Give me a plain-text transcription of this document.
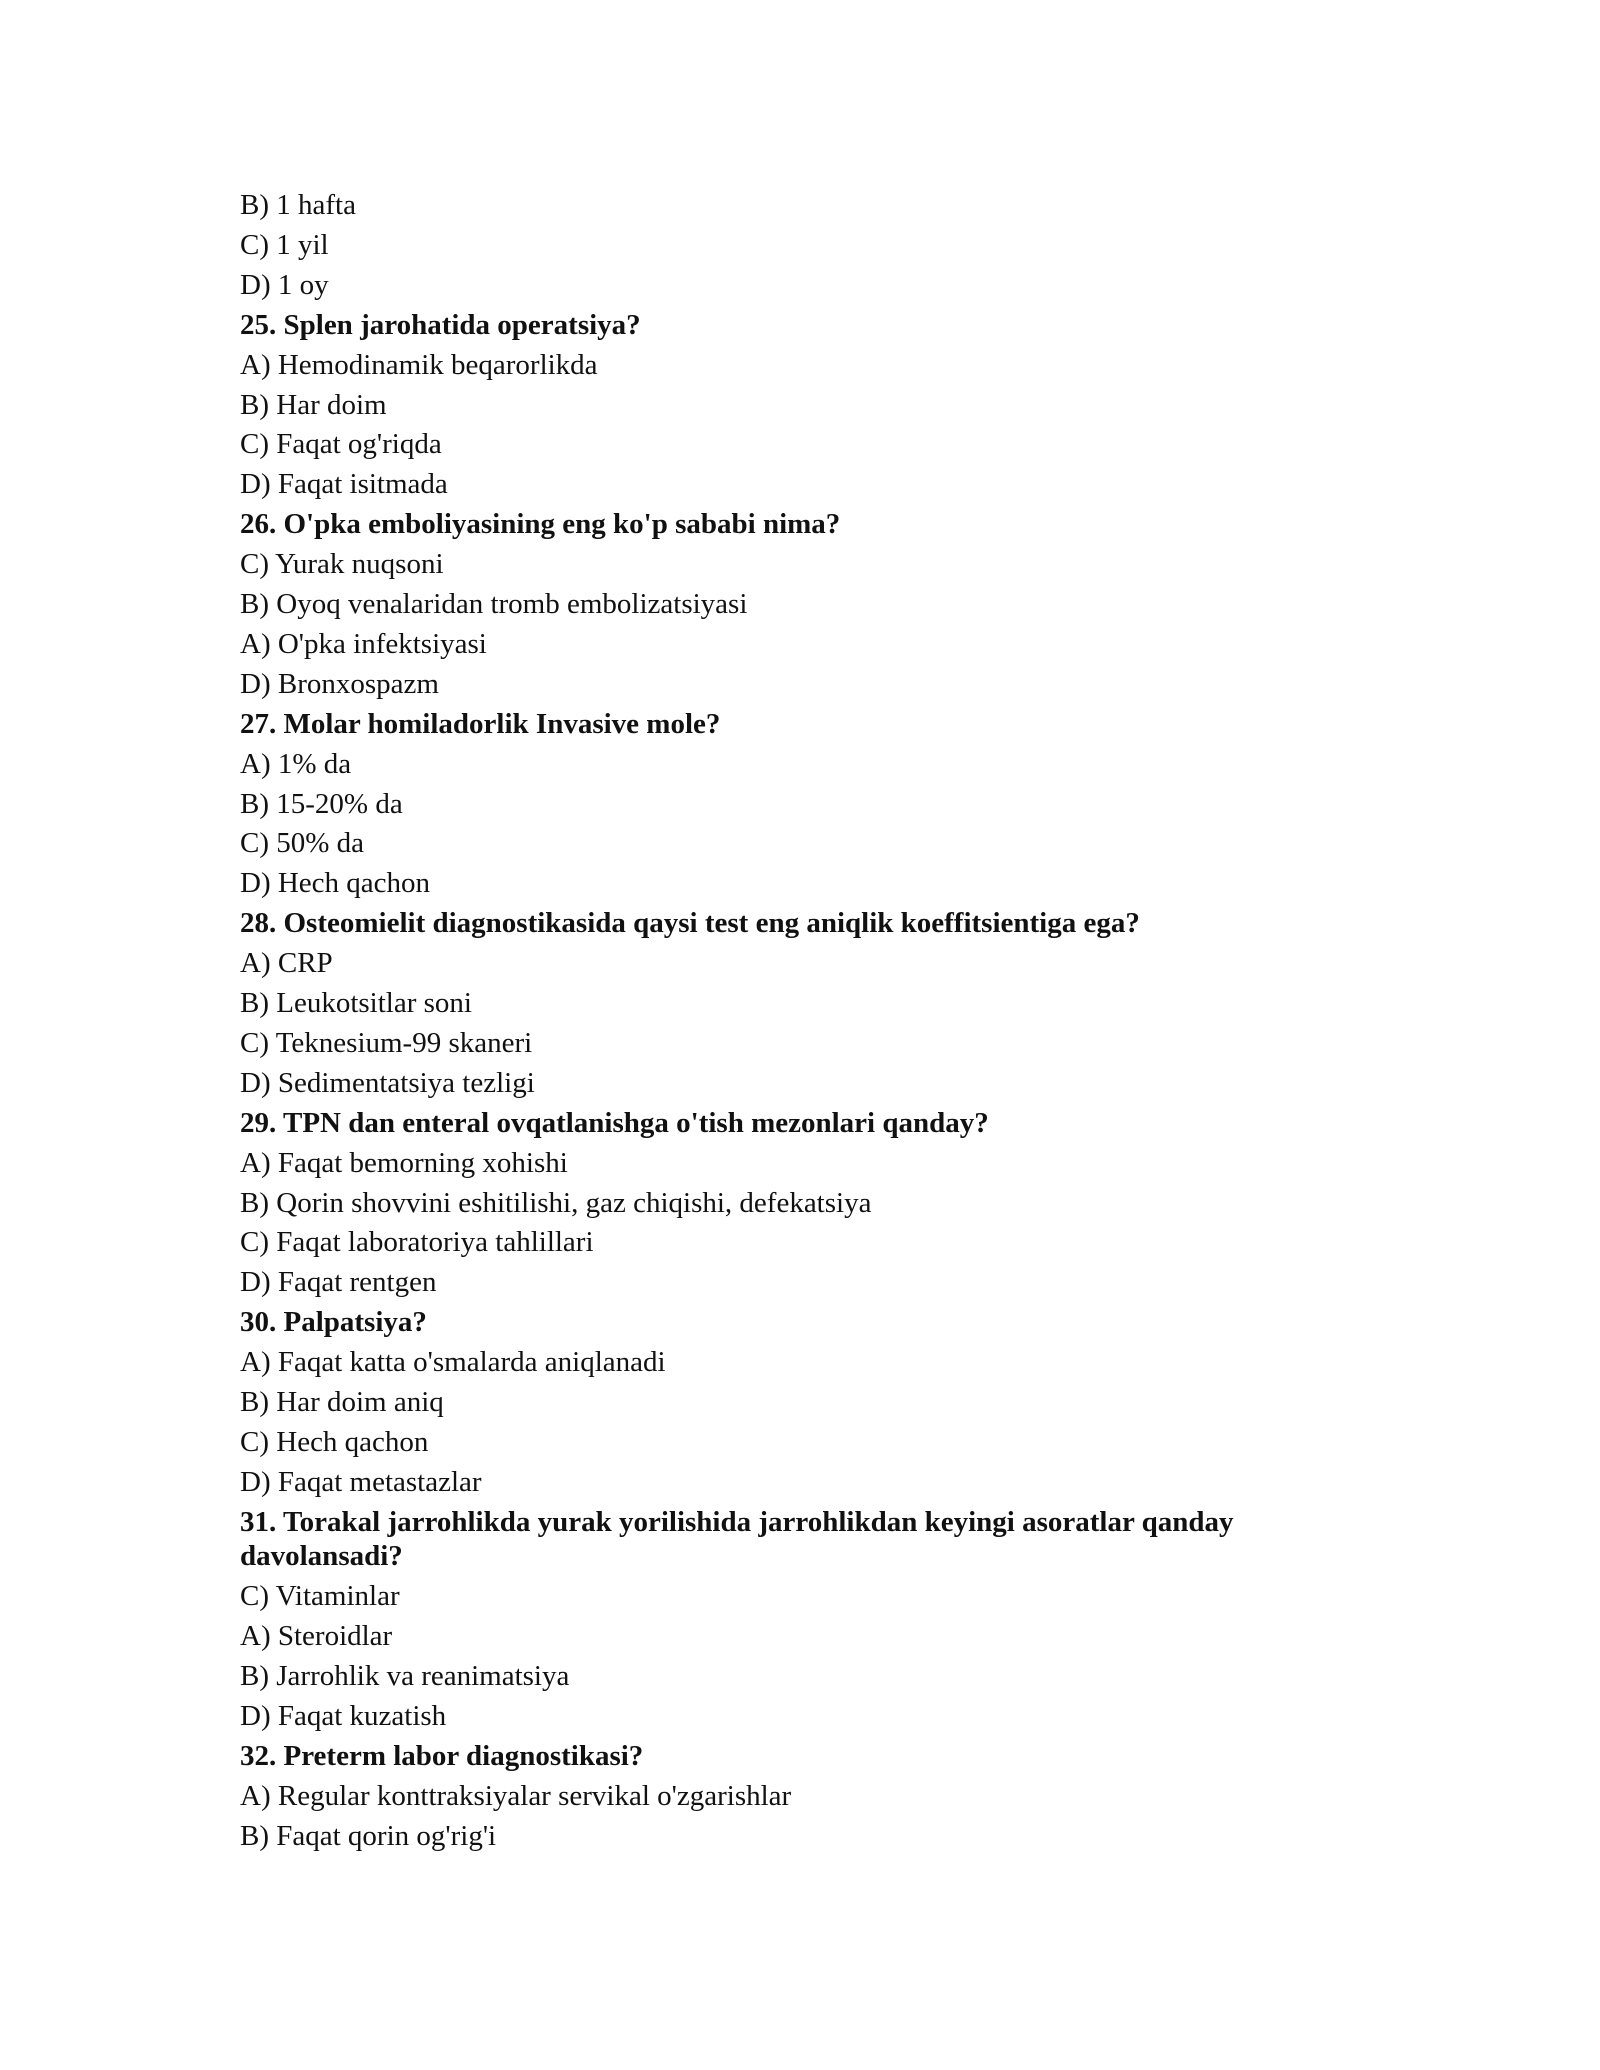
B) 1 hafta

C) 1 yil

D) 1 oy

25. Splen jarohatida operatsiya?

A) Hemodinamik beqarorlikda

B) Har doim

C) Faqat og'riqda

D) Faqat isitmada

26. O'pka emboliyasining eng ko'p sababi nima?

C) Yurak nuqsoni

B) Oyoq venalaridan tromb embolizatsiyasi

A) O'pka infektsiyasi

D) Bronxospazm

27. Molar homiladorlik Invasive mole?

A) 1% da

B) 15-20% da

C) 50% da

D) Hech qachon

28. Osteomielit diagnostikasida qaysi test eng aniqlik koeffitsientiga ega?

A) CRP

B) Leukotsitlar soni

C) Teknesium-99 skaneri

D) Sedimentatsiya tezligi

29. TPN dan enteral ovqatlanishga o'tish mezonlari qanday?

A) Faqat bemorning xohishi

B) Qorin shovvini eshitilishi, gaz chiqishi, defekatsiya

C) Faqat laboratoriya tahlillari

D) Faqat rentgen

30. Palpatsiya?

A) Faqat katta o'smalarda aniqlanadi

B) Har doim aniq

C) Hech qachon

D) Faqat metastazlar

31. Torakal jarrohlikda yurak yorilishida jarrohlikdan keyingi asoratlar qanday davolansadi?

C) Vitaminlar

A) Steroidlar

B) Jarrohlik va reanimatsiya

D) Faqat kuzatish

32. Preterm labor diagnostikasi?

A) Regular konttraksiyalar servikal o'zgarishlar

B) Faqat qorin og'rig'i
